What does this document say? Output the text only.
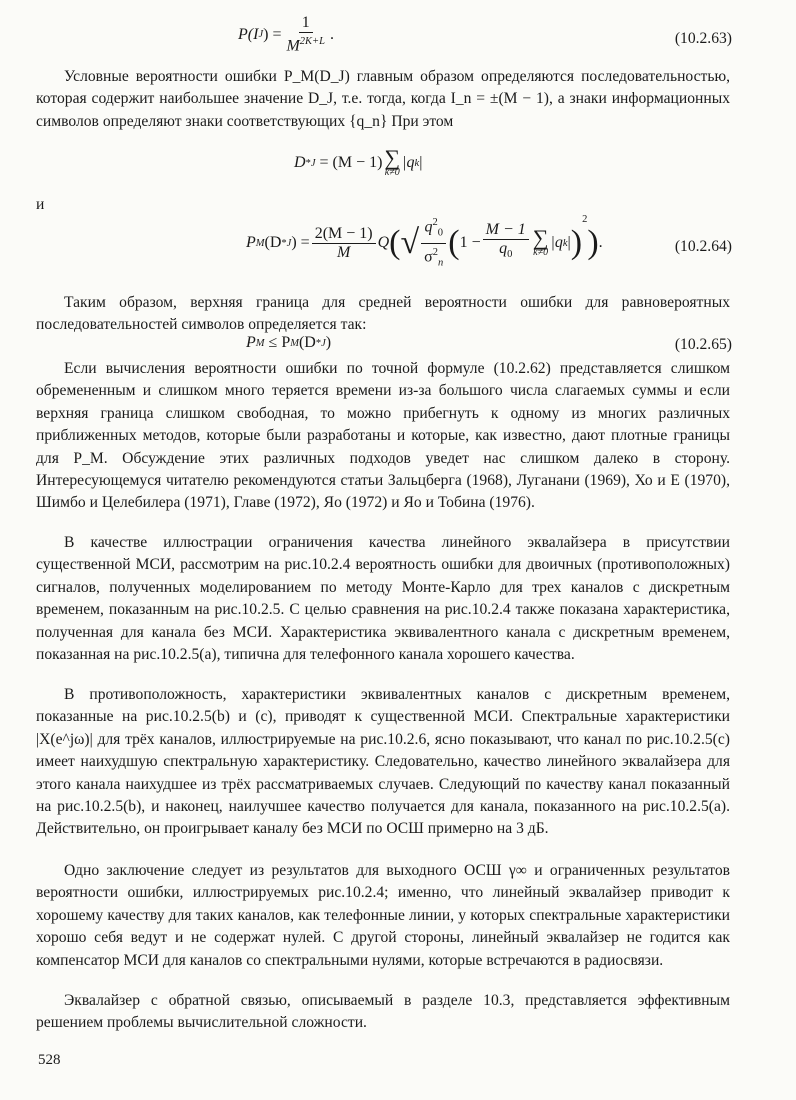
P(I J ) = $\frac{1}{M^{2K+L}}$ .	(10.2.63)

Условные вероятности ошибки P_M(D_J) главным образом определяются последовательностью, которая содержит наибольшее значение D_J, т.е. тогда, когда I_n = ±(M − 1), а знаки информационных символов определяют знаки соответствующих {q_n} При этом

D * J
= (M − 1) ∑
k≠0
|q k |

и

P M (D * J ) = $\frac{2(M - 1)}{M}$ Q ( √ $\frac{q^2_0}{\sigma^2_n}$ ( $1 - \frac{M - 1}{q_0}$ ∑
k≠0
|q k | )
2
) .	(10.2.64)

Таким образом, верхняя граница для средней вероятности ошибки для равновероятных последовательностей символов определяется так:

P M
≤ P M (D * J )	(10.2.65)

Если вычисления вероятности ошибки по точной формуле (10.2.62) представляется слишком обремененным и слишком много теряется времени из-за большого числа слагаемых суммы и если верхняя граница слишком свободная, то можно прибегнуть к одному из многих различных приближенных методов, которые были разработаны и которые, как известно, дают плотные границы для P_M. Обсуждение этих различных подходов уведет нас слишком далеко в сторону. Интересующемуся читателю рекомендуются статьи Зальцберга (1968), Луганани (1969), Хо и Е (1970), Шимбо и Целебилера (1971), Главе (1972), Яо (1972) и Яо и Тобина (1976).

В качестве иллюстрации ограничения качества линейного эквалайзера в присутствии существенной МСИ, рассмотрим на рис.10.2.4 вероятность ошибки для двоичных (противоположных) сигналов, полученных моделированием по методу Монте-Карло для трех каналов с дискретным временем, показанным на рис.10.2.5. С целью сравнения на рис.10.2.4 также показана характеристика, полученная для канала без МСИ. Характеристика эквивалентного канала с дискретным временем, показанная на рис.10.2.5(а), типична для телефонного канала хорошего качества.

В противоположность, характеристики эквивалентных каналов с дискретным временем, показанные на рис.10.2.5(b) и (c), приводят к существенной МСИ. Спектральные характеристики |X(e^jω)| для трёх каналов, иллюстрируемые на рис.10.2.6, ясно показывают, что канал по рис.10.2.5(c) имеет наихудшую спектральную характеристику. Следовательно, качество линейного эквалайзера для этого канала наихудшее из трёх рассматриваемых случаев. Следующий по качеству канал показанный на рис.10.2.5(b), и наконец, наилучшее качество получается для канала, показанного на рис.10.2.5(a). Действительно, он проигрывает каналу без МСИ по ОСШ примерно на 3 дБ.

Одно заключение следует из результатов для выходного ОСШ γ∞ и ограниченных результатов вероятности ошибки, иллюстрируемых рис.10.2.4; именно, что линейный эквалайзер приводит к хорошему качеству для таких каналов, как телефонные линии, у которых спектральные характеристики хорошо себя ведут и не содержат нулей. С другой стороны, линейный эквалайзер не годится как компенсатор МСИ для каналов со спектральными нулями, которые встречаются в радиосвязи.

Эквалайзер с обратной связью, описываемый в разделе 10.3, представляется эффективным решением проблемы вычислительной сложности.

528
